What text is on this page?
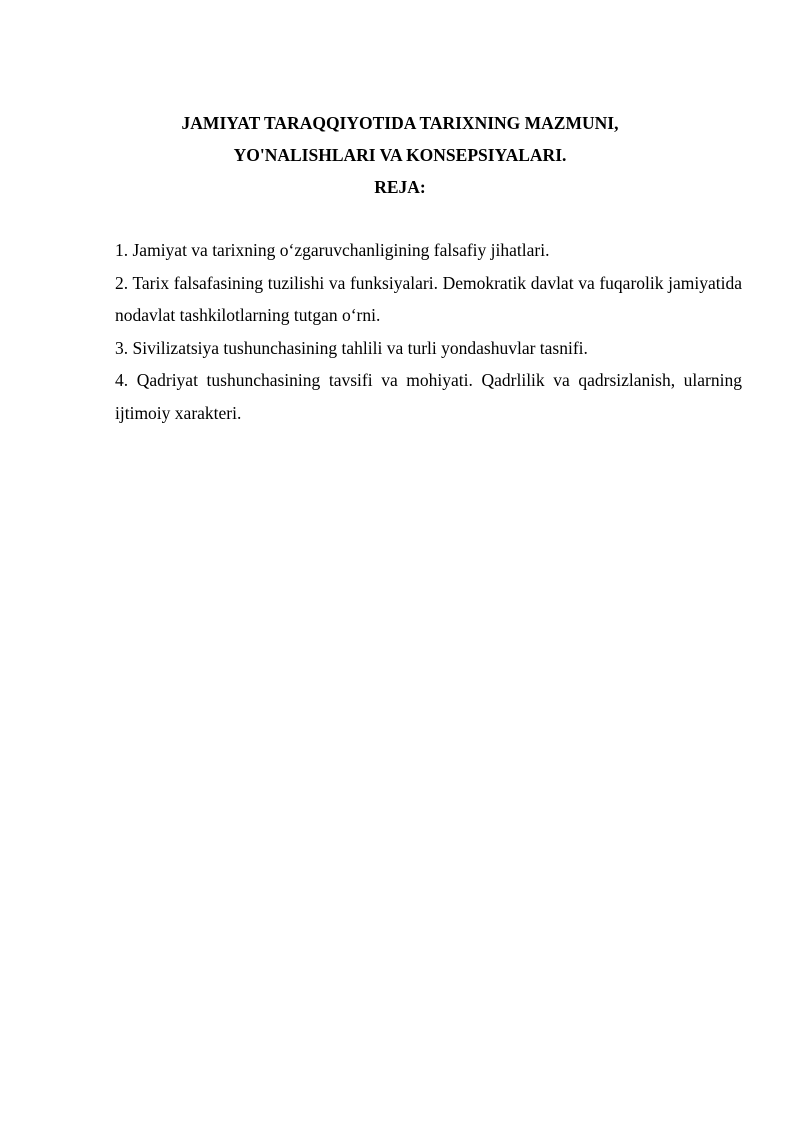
JAMIYAT TARAQQIYOTIDA TARIXNING MAZMUNI,
YO'NALISHLARI VA KONSEPSIYALARI.
REJA:
1. Jamiyat va tarixning o‘zgaruvchanligining falsafiy jihatlari.
2. Tarix falsafasining tuzilishi va funksiyalari. Demokratik davlat va fuqarolik jamiyatida nodavlat tashkilotlarning tutgan o‘rni.
3. Sivilizatsiya tushunchasining tahlili va turli yondashuvlar tasnifi.
4. Qadriyat tushunchasining tavsifi va mohiyati. Qadrlilik va qadrsizlanish, ularning ijtimoiy xarakteri.
